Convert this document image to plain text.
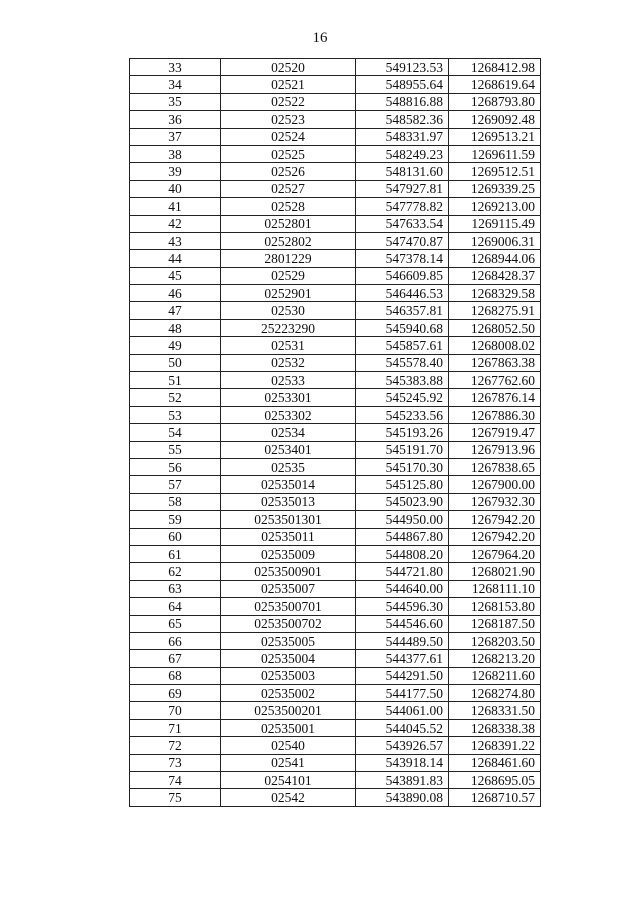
16
33	02520	549123.53	1268412.98
34	02521	548955.64	1268619.64
35	02522	548816.88	1268793.80
36	02523	548582.36	1269092.48
37	02524	548331.97	1269513.21
38	02525	548249.23	1269611.59
39	02526	548131.60	1269512.51
40	02527	547927.81	1269339.25
41	02528	547778.82	1269213.00
42	0252801	547633.54	1269115.49
43	0252802	547470.87	1269006.31
44	2801229	547378.14	1268944.06
45	02529	546609.85	1268428.37
46	0252901	546446.53	1268329.58
47	02530	546357.81	1268275.91
48	25223290	545940.68	1268052.50
49	02531	545857.61	1268008.02
50	02532	545578.40	1267863.38
51	02533	545383.88	1267762.60
52	0253301	545245.92	1267876.14
53	0253302	545233.56	1267886.30
54	02534	545193.26	1267919.47
55	0253401	545191.70	1267913.96
56	02535	545170.30	1267838.65
57	02535014	545125.80	1267900.00
58	02535013	545023.90	1267932.30
59	0253501301	544950.00	1267942.20
60	02535011	544867.80	1267942.20
61	02535009	544808.20	1267964.20
62	0253500901	544721.80	1268021.90
63	02535007	544640.00	1268111.10
64	0253500701	544596.30	1268153.80
65	0253500702	544546.60	1268187.50
66	02535005	544489.50	1268203.50
67	02535004	544377.61	1268213.20
68	02535003	544291.50	1268211.60
69	02535002	544177.50	1268274.80
70	0253500201	544061.00	1268331.50
71	02535001	544045.52	1268338.38
72	02540	543926.57	1268391.22
73	02541	543918.14	1268461.60
74	0254101	543891.83	1268695.05
75	02542	543890.08	1268710.57
